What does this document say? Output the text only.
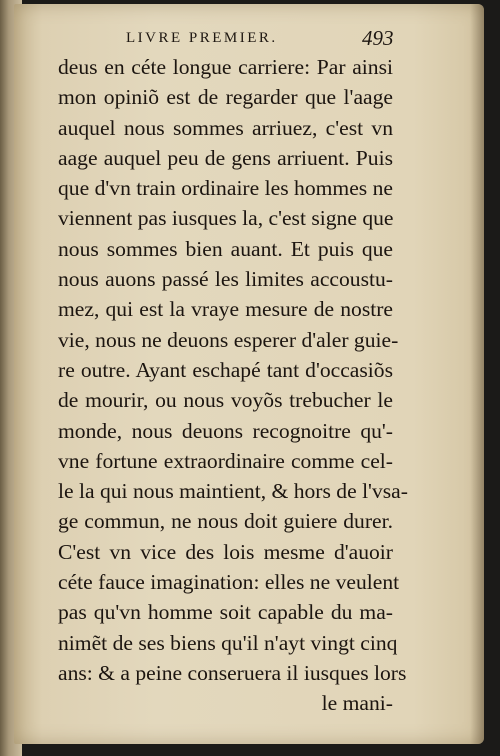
LIVRE PREMIER.	493
deus en céte longue carriere: Par ainsi
mon opiniõ est de regarder que l'aage
auquel nous sommes arriuez, c'est vn
aage auquel peu de gens arriuent. Puis
que d'vn train ordinaire les hommes ne
viennent pas iusques la, c'est signe que
nous sommes bien auant. Et puis que
nous auons passé les limites accoustu-
mez, qui est la vraye mesure de nostre
vie, nous ne deuons esperer d'aler guie-
re outre. Ayant eschapé tant d'occasiõs
de mourir, ou nous voyõs trebucher le
monde, nous deuons recognoitre qu'-
vne fortune extraordinaire comme cel-
le la qui nous maintient, & hors de l'vsa-
ge commun, ne nous doit guiere durer.
C'est vn vice des lois mesme d'auoir
céte fauce imagination: elles ne veulent
pas qu'vn homme soit capable du ma-
nimẽt de ses biens qu'il n'ayt vingt cinq
ans: & a peine conseruera il iusques lors
le mani-
